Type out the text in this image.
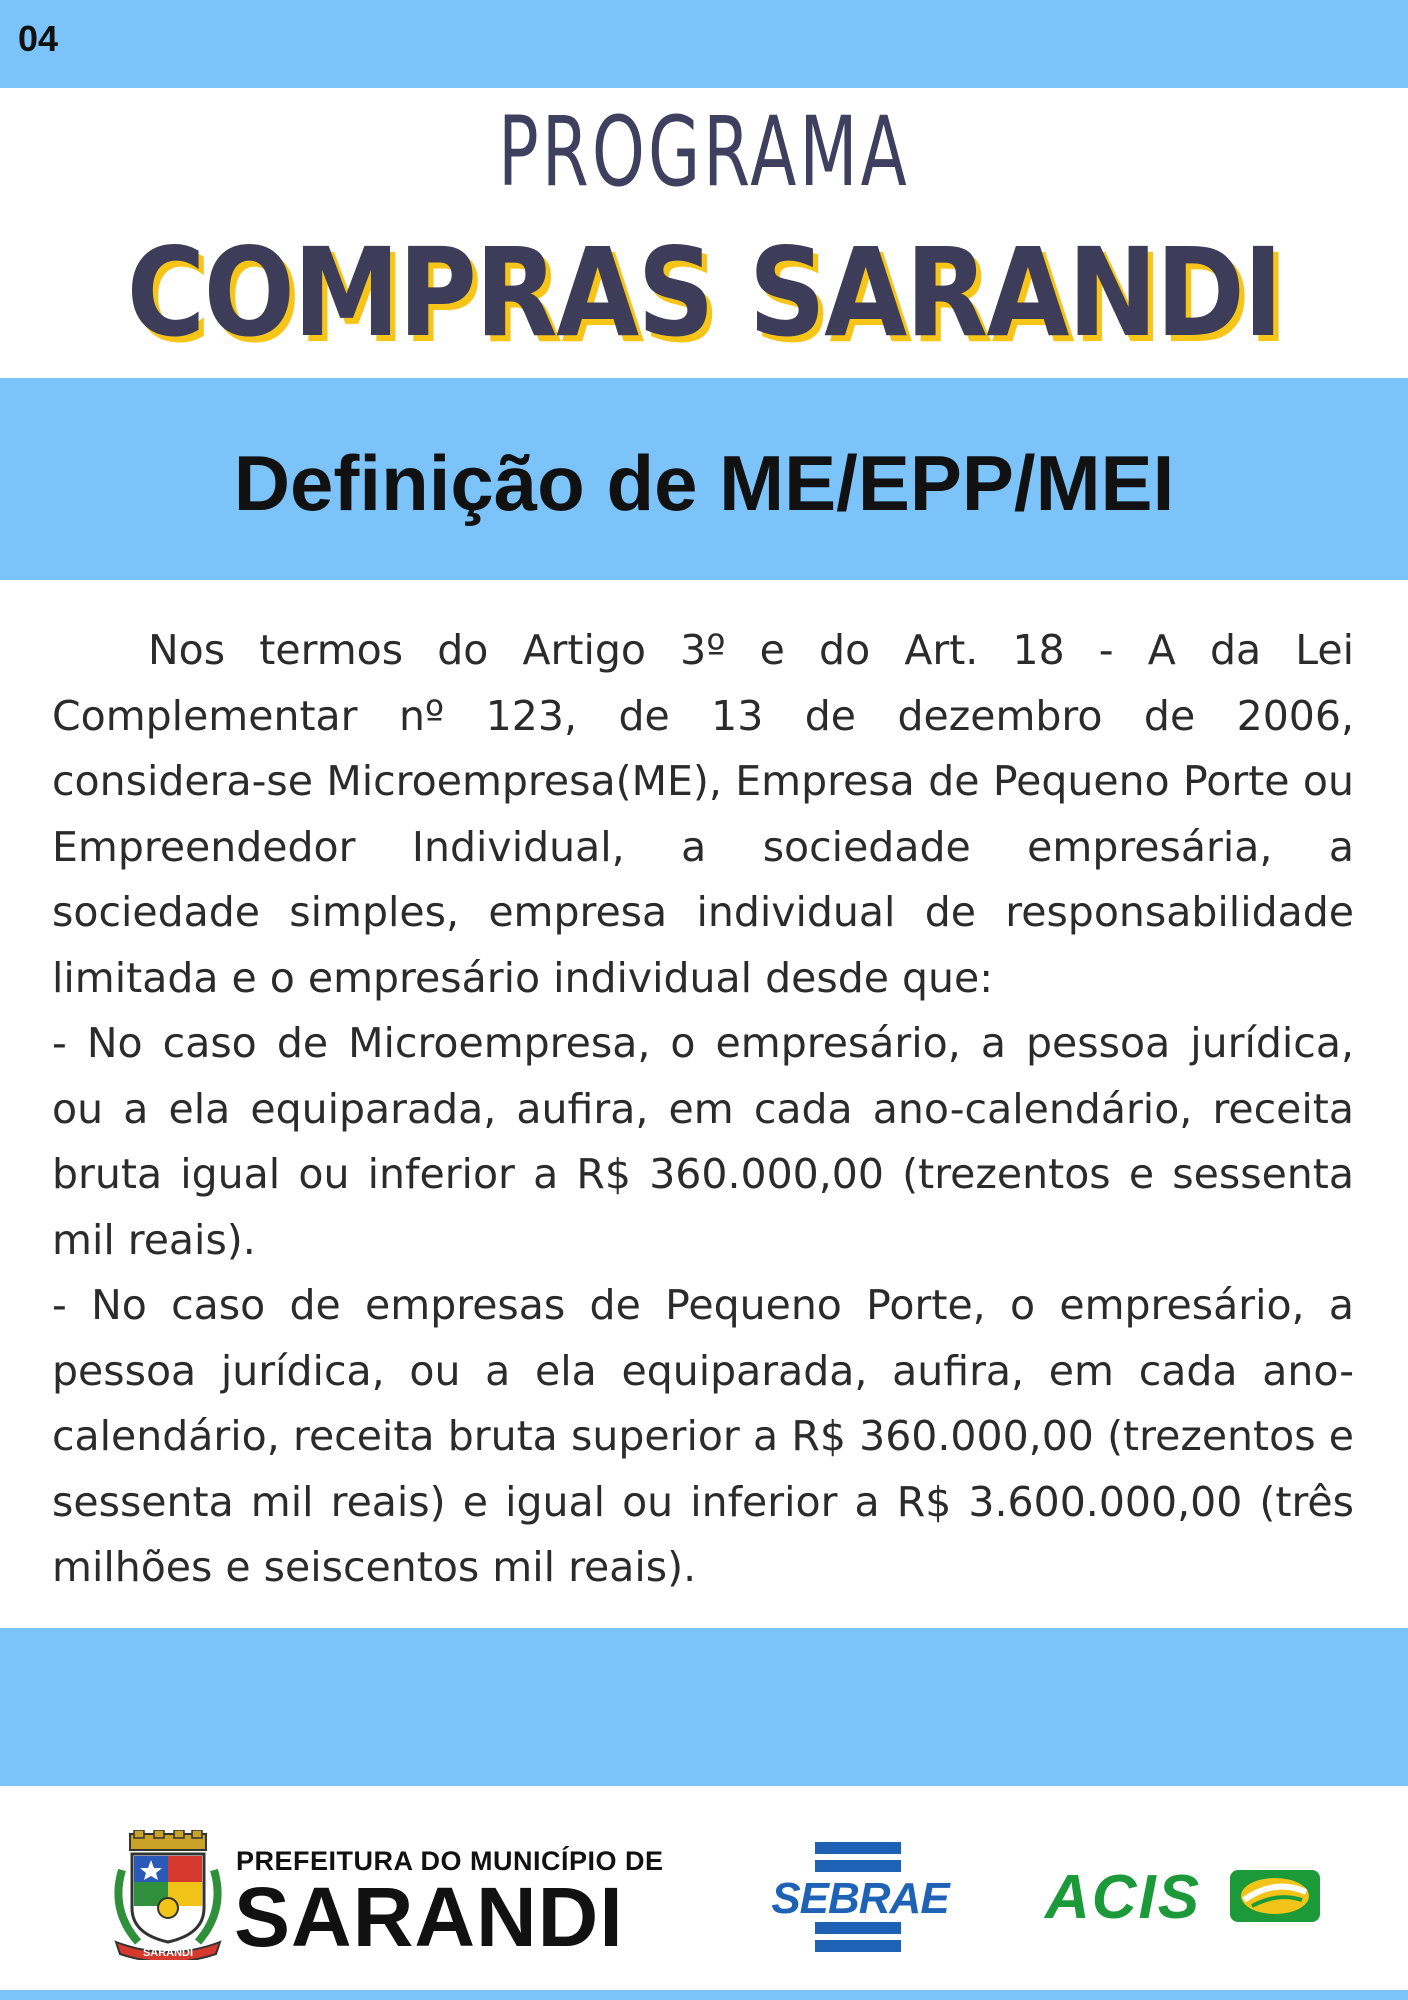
04
PROGRAMA
COMPRAS SARANDI
Definição de ME/EPP/MEI

Nos termos do Artigo 3º e do Art. 18 - A da Lei Complementar nº 123, de 13 de dezembro de 2006, considera-se Microempresa(ME), Empresa de Pequeno Porte ou Empreendedor Individual, a sociedade empresária, a sociedade simples, empresa individual de responsabilidade limitada e o empresário individual desde que:

- No caso de Microempresa, o empresário, a pessoa jurídica, ou a ela equiparada, aufira, em cada ano-calendário, receita bruta igual ou inferior a R$ 360.000,00 (trezentos e sessenta mil reais).

- No caso de empresas de Pequeno Porte, o empresário, a pessoa jurídica, ou a ela equiparada, aufira, em cada ano-calendário, receita bruta superior a R$ 360.000,00 (trezentos e sessenta mil reais) e igual ou inferior a R$ 3.600.000,00 (três milhões e seiscentos mil reais).

SARANDI
PREFEITURA DO MUNICÍPIO DE
SARANDI	SEBRAE ACIS
